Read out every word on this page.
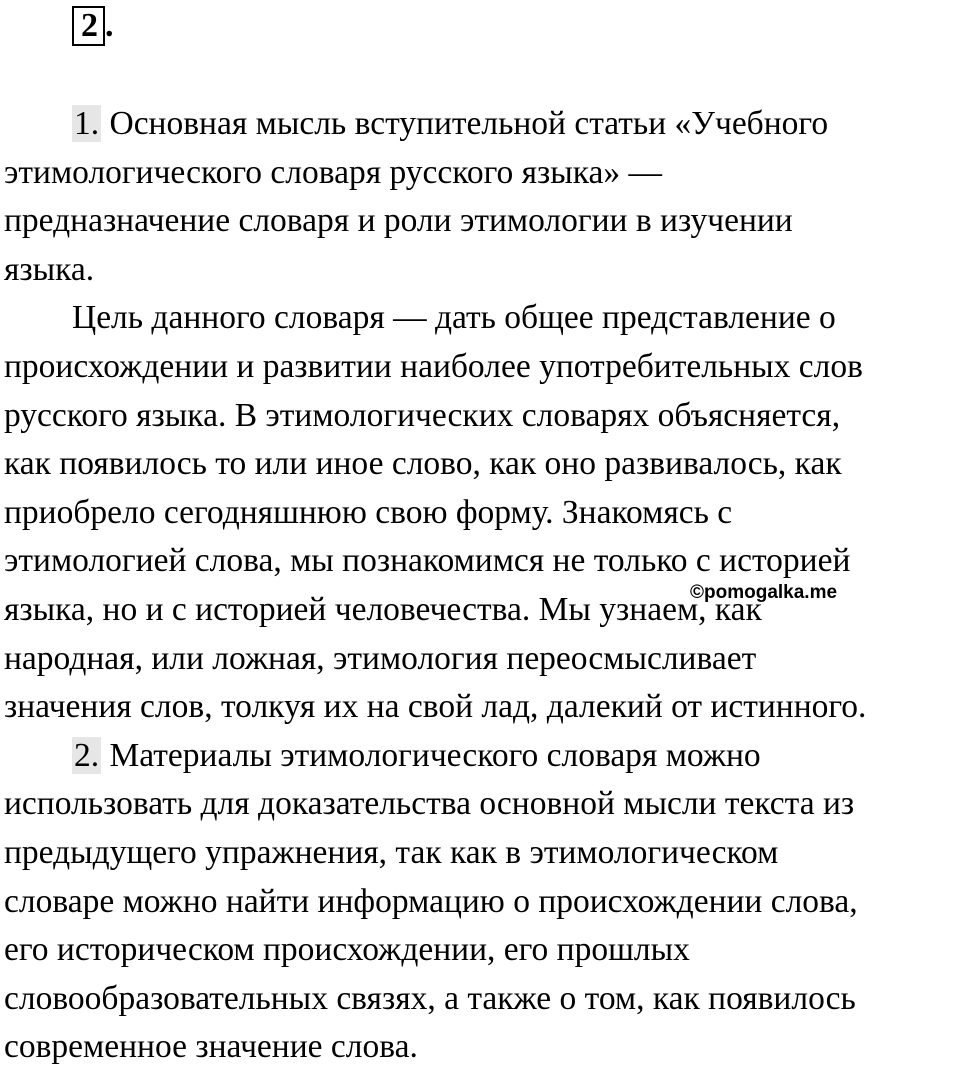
2 .
1. Основная мысль вступительной статьи «Учебного
этимологического словаря русского языка» —
предназначение словаря и роли этимологии в изучении
языка.
Цель данного словаря — дать общее представление о
происхождении и развитии наиболее употребительных слов
русского языка. В этимологических словарях объясняется,
как появилось то или иное слово, как оно развивалось, как
приобрело сегодняшнюю свою форму. Знакомясь с
этимологией слова, мы познакомимся не только с историей
языка, но и с историей человечества. Мы узнаем, как
народная, или ложная, этимология переосмысливает
значения слов, толкуя их на свой лад, далекий от истинного.
2. Материалы этимологического словаря можно
использовать для доказательства основной мысли текста из
предыдущего упражнения, так как в этимологическом
словаре можно найти информацию о происхождении слова,
его историческом происхождении, его прошлых
словообразовательных связях, а также о том, как появилось
современное значение слова.
©pomogalka.me
